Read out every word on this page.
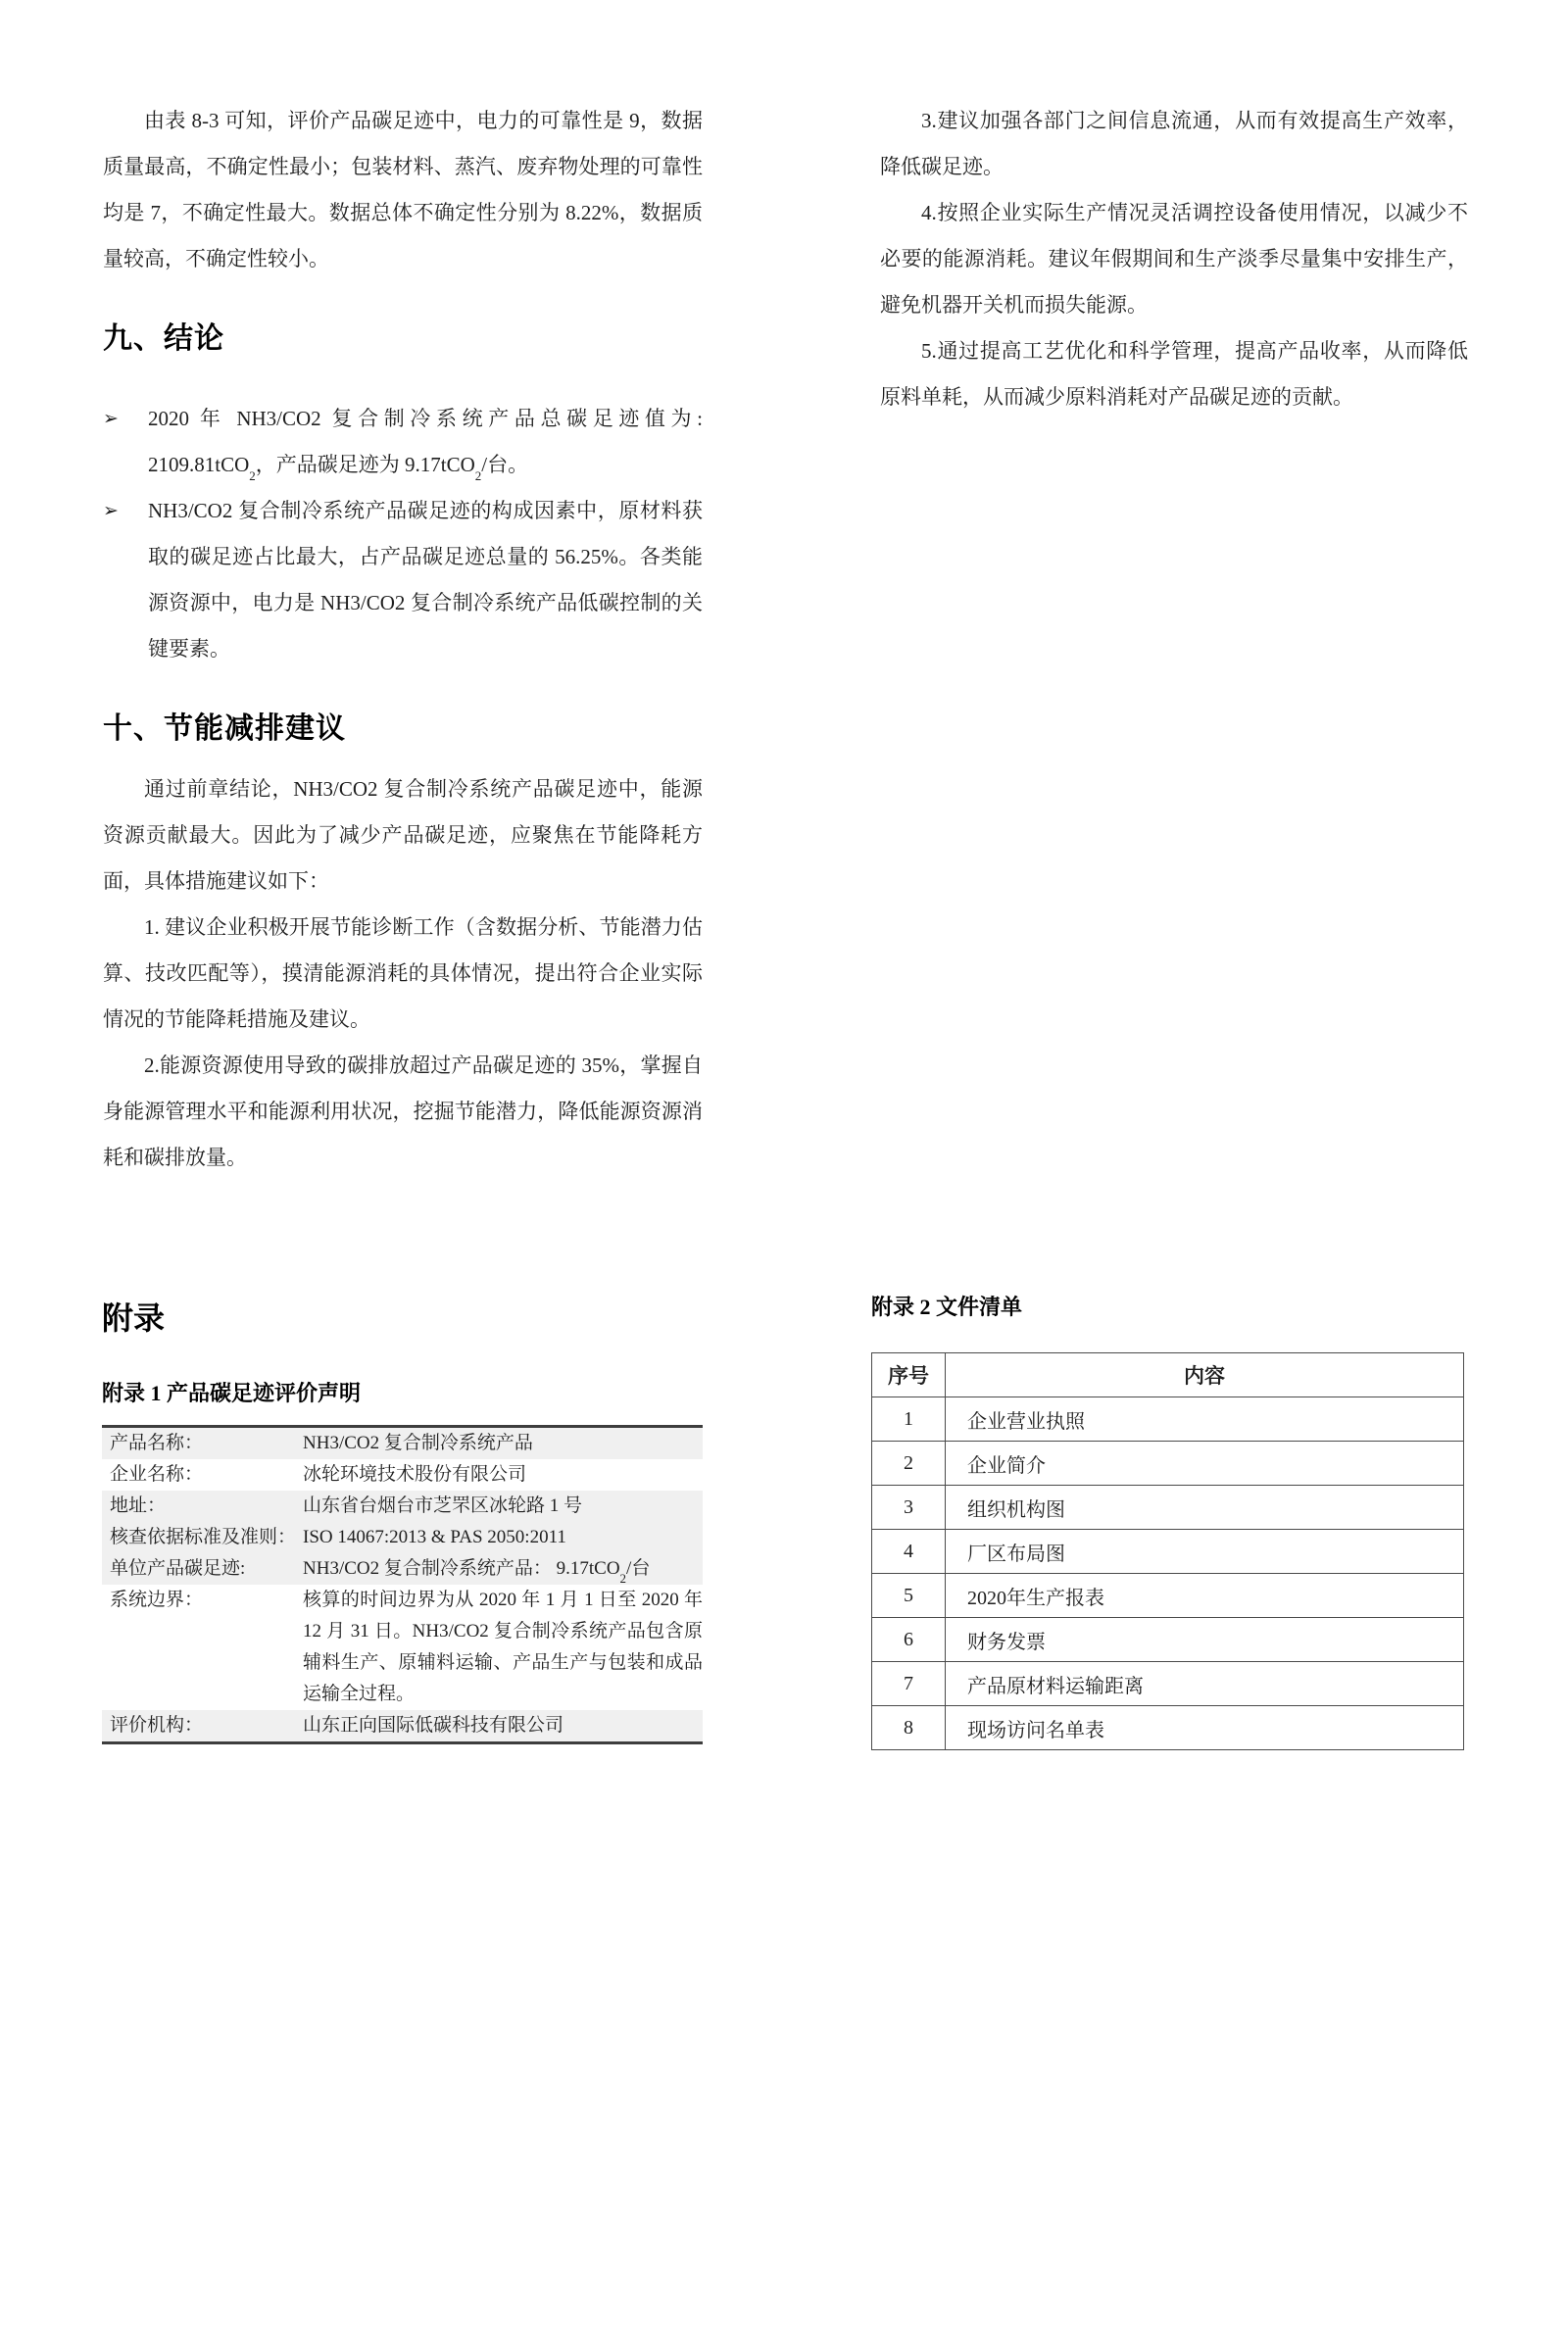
由表 8-3 可知，评价产品碳足迹中，电力的可靠性是 9，数据质量最高，不确定性最小；包装材料、蒸汽、废弃物处理的可靠性均是 7，不确定性最大。数据总体不确定性分别为 8.22%，数据质量较高，不确定性较小。

九、结论
➢	2020 年 NH3/CO2 复合制冷系统产品总碳足迹值为: 2109.81tCO$_2$，产品碳足迹为 9.17tCO$_2$/台。
➢	NH3/CO2 复合制冷系统产品碳足迹的构成因素中，原材料获取的碳足迹占比最大，占产品碳足迹总量的 56.25%。各类能源资源中，电力是 NH3/CO2 复合制冷系统产品低碳控制的关键要素。
十、节能减排建议

通过前章结论，NH3/CO2 复合制冷系统产品碳足迹中，能源资源贡献最大。因此为了减少产品碳足迹，应聚焦在节能降耗方面，具体措施建议如下：

1. 建议企业积极开展节能诊断工作（含数据分析、节能潜力估算、技改匹配等），摸清能源消耗的具体情况，提出符合企业实际情况的节能降耗措施及建议。

2.能源资源使用导致的碳排放超过产品碳足迹的 35%，掌握自身能源管理水平和能源利用状况，挖掘节能潜力，降低能源资源消耗和碳排放量。

3.建议加强各部门之间信息流通，从而有效提高生产效率，降低碳足迹。

4.按照企业实际生产情况灵活调控设备使用情况，以减少不必要的能源消耗。建议年假期间和生产淡季尽量集中安排生产，避免机器开关机而损失能源。

5.通过提高工艺优化和科学管理，提高产品收率，从而降低原料单耗，从而减少原料消耗对产品碳足迹的贡献。

附录
附录 1 产品碳足迹评价声明
产品名称：	NH3/CO2 复合制冷系统产品
企业名称：	冰轮环境技术股份有限公司
地址：	山东省台烟台市芝罘区冰轮路 1 号
核查依据标准及准则： ISO 14067:2013 & PAS 2050:2011
单位产品碳足迹:	NH3/CO2 复合制冷系统产品： 9.17tCO$_2$/台
系统边界：	核算的时间边界为从 2020 年 1 月 1 日至 2020 年 12 月 31 日。NH3/CO2 复合制冷系统产品包含原辅料生产、原辅料运输、产品生产与包装和成品运输全过程。
评价机构：	山东正向国际低碳科技有限公司
附录 2 文件清单
序号	内容
1	企业营业执照
2	企业简介
3	组织机构图
4	厂区布局图
5	2020年生产报表
6	财务发票
7	产品原材料运输距离
8	现场访问名单表
